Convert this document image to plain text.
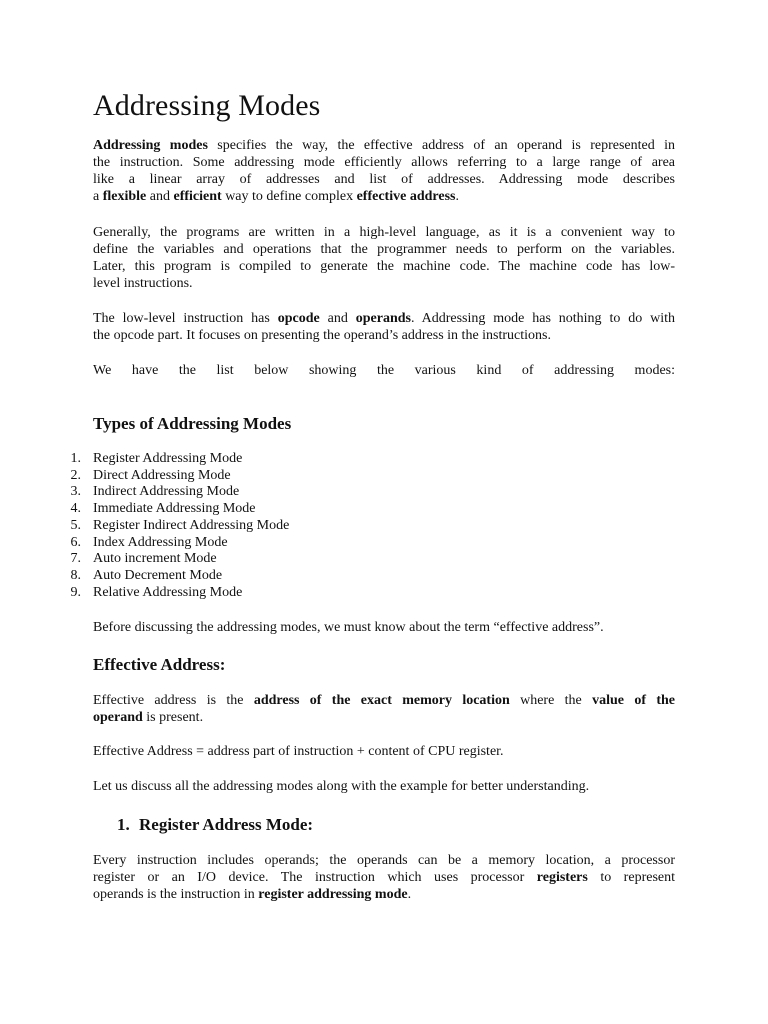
Addressing Modes

Addressing modes specifies the way, the effective address of an operand is represented in
the instruction. Some addressing mode efficiently allows referring to a large range of area
like a linear array of addresses and list of addresses. Addressing mode describes
a flexible and efficient way to define complex effective address.

Generally, the programs are written in a high-level language, as it is a convenient way to
define the variables and operations that the programmer needs to perform on the variables.
Later, this program is compiled to generate the machine code. The machine code has low-
level instructions.

The low-level instruction has opcode and operands. Addressing mode has nothing to do with
the opcode part. It focuses on presenting the operand’s address in the instructions.

We have the list below showing the various kind of addressing modes:

Types of Addressing Modes
1. Register Addressing Mode
2. Direct Addressing Mode
3. Indirect Addressing Mode
4. Immediate Addressing Mode
5. Register Indirect Addressing Mode
6. Index Addressing Mode
7. Auto increment Mode
8. Auto Decrement Mode
9. Relative Addressing Mode

Before discussing the addressing modes, we must know about the term “effective address”.

Effective Address:

Effective address is the address of the exact memory location where the value of the
operand is present.

Effective Address = address part of instruction + content of CPU register.

Let us discuss all the addressing modes along with the example for better understanding.

1. Register Address Mode:

Every instruction includes operands; the operands can be a memory location, a processor
register or an I/O device. The instruction which uses processor registers to represent
operands is the instruction in register addressing mode.
